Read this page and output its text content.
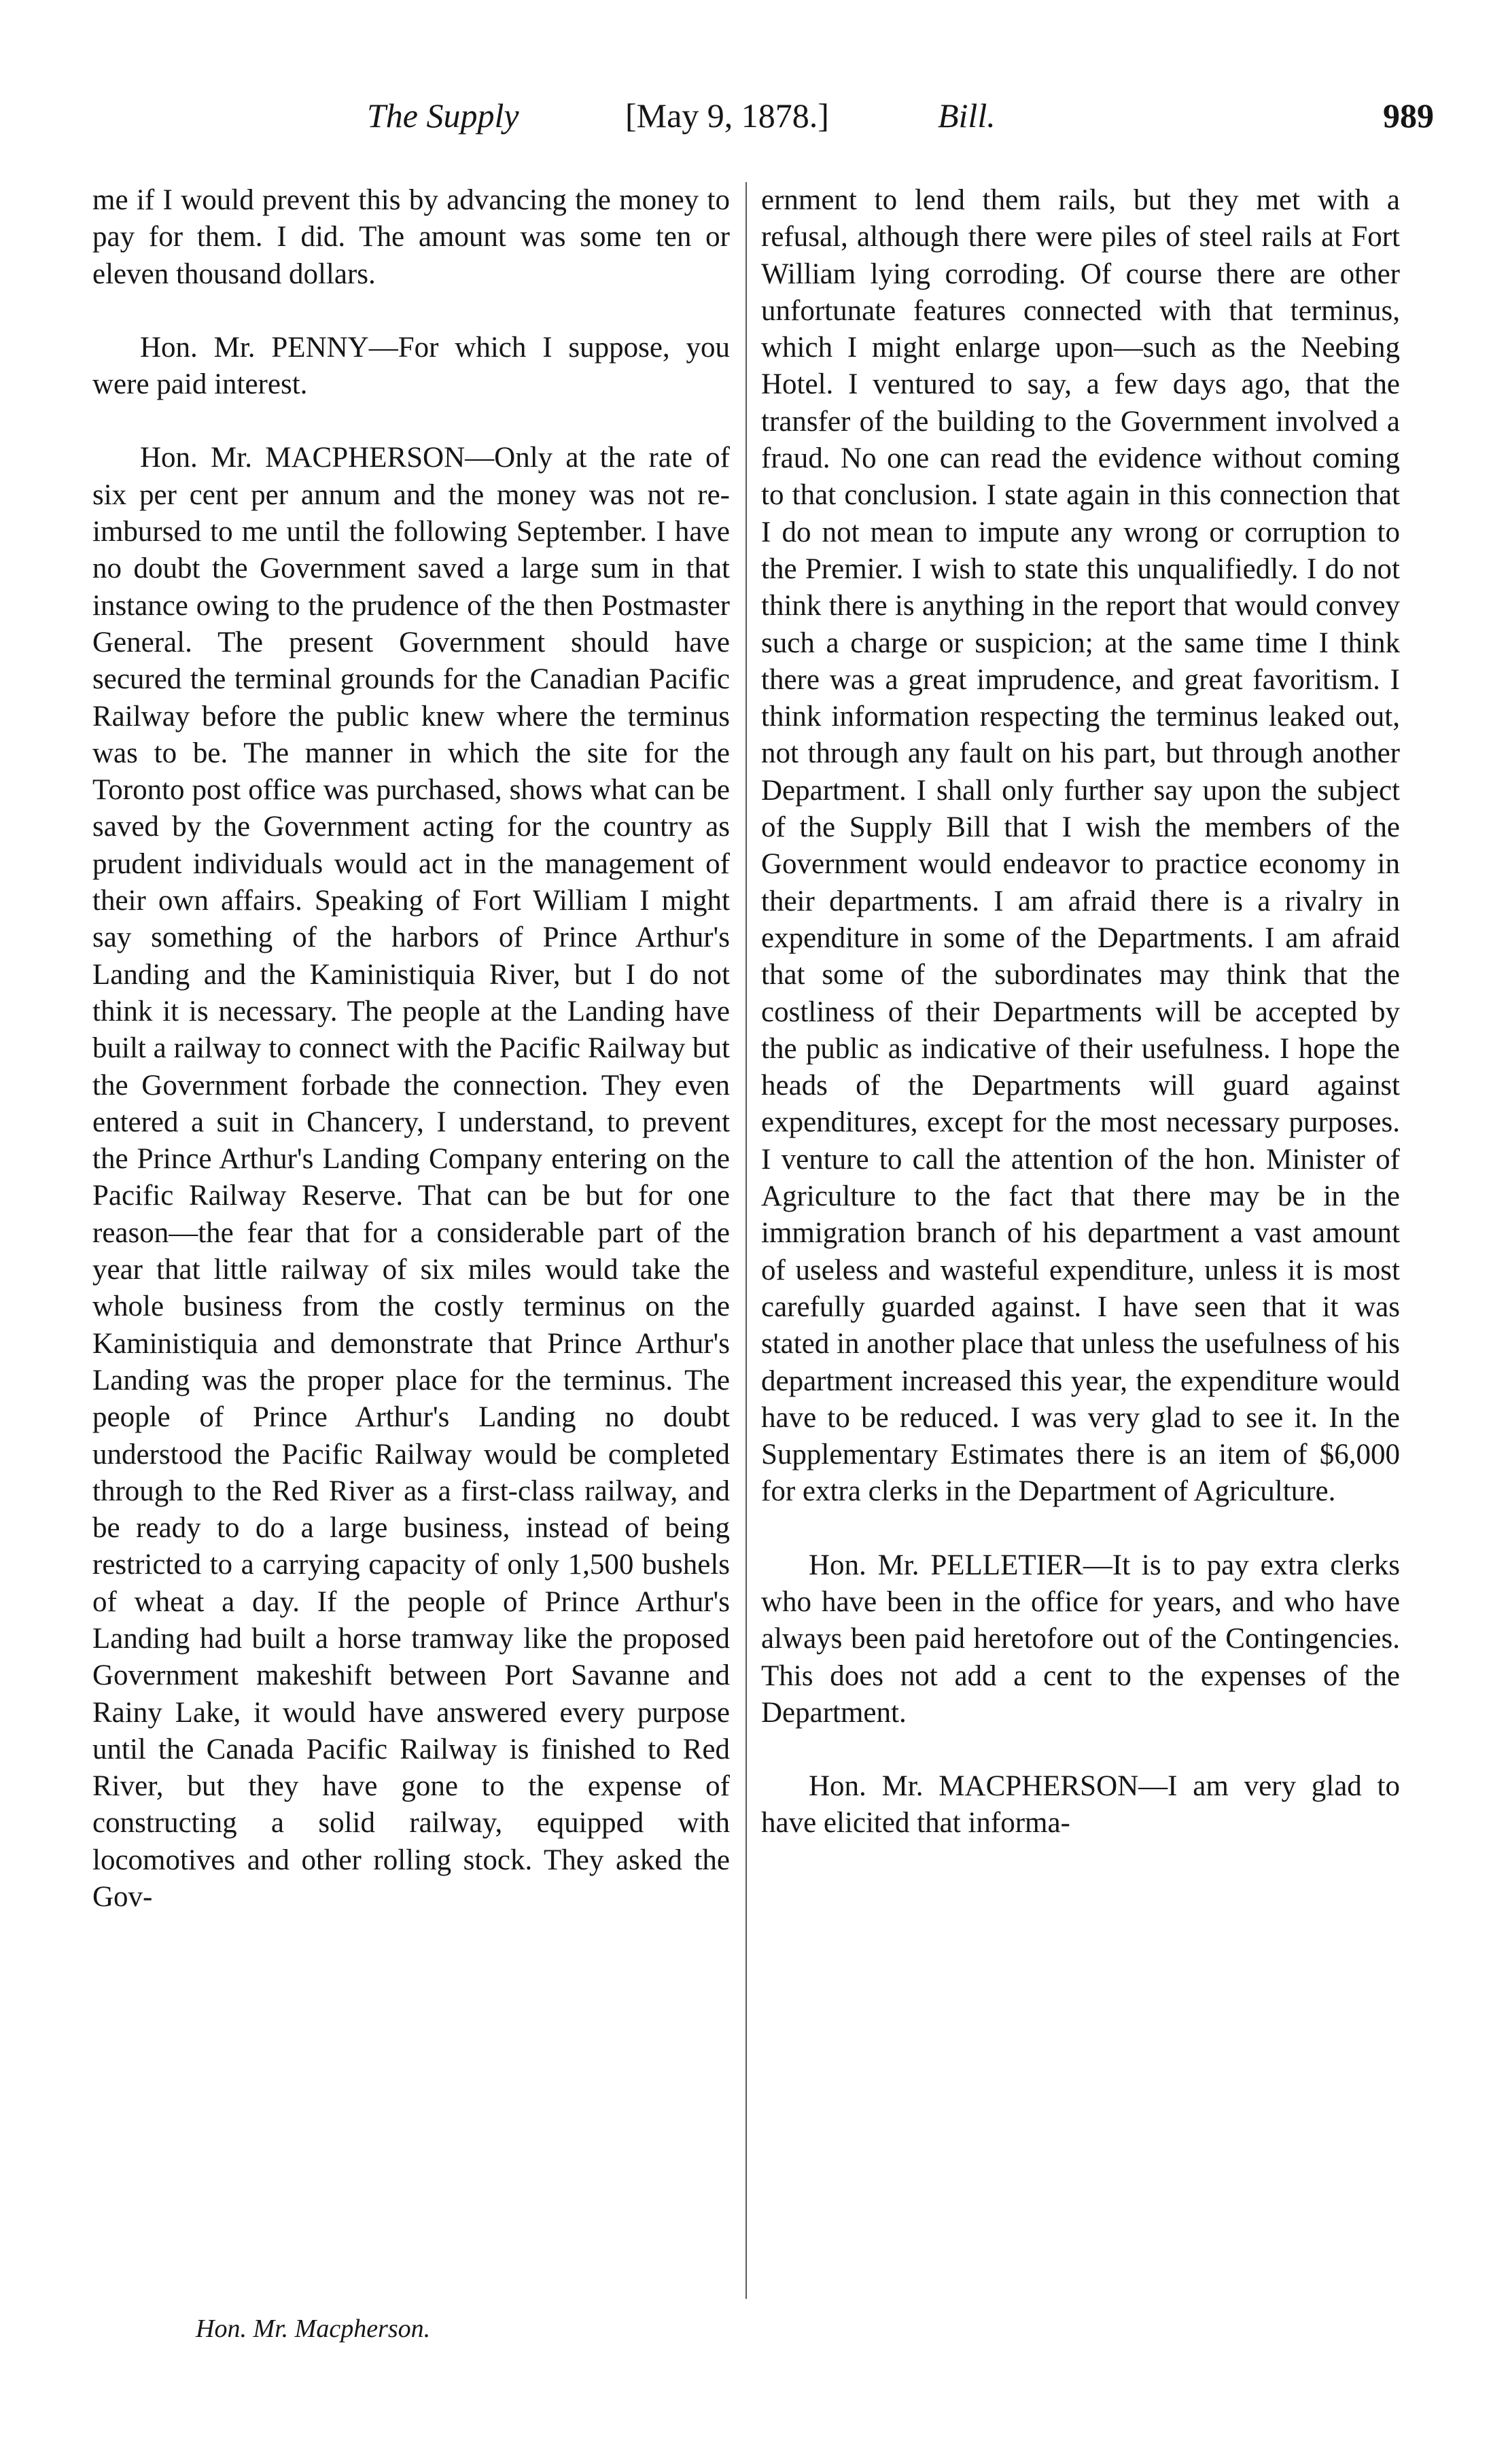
The Supply	[May 9, 1878.]	Bill.	989

me if I would prevent this by advancing the money to pay for them. I did. The amount was some ten or eleven thousand dollars.

Hon. Mr. PENNY—For which I suppose, you were paid interest.

Hon. Mr. MACPHERSON—Only at the rate of six per cent per annum and the money was not re-imbursed to me until the following September. I have no doubt the Government saved a large sum in that instance owing to the prudence of the then Postmaster General. The present Government should have secured the terminal grounds for the Canadian Pacific Railway before the public knew where the terminus was to be. The manner in which the site for the Toronto post office was purchased, shows what can be saved by the Government acting for the country as prudent individuals would act in the management of their own affairs. Speaking of Fort William I might say something of the harbors of Prince Arthur's Landing and the Kaministiquia River, but I do not think it is necessary. The people at the Landing have built a railway to connect with the Pacific Railway but the Government forbade the connection. They even entered a suit in Chancery, I understand, to prevent the Prince Arthur's Landing Company entering on the Pacific Railway Reserve. That can be but for one reason—the fear that for a considerable part of the year that little railway of six miles would take the whole business from the costly terminus on the Kaministiquia and demonstrate that Prince Arthur's Landing was the proper place for the terminus. The people of Prince Arthur's Landing no doubt understood the Pacific Railway would be completed through to the Red River as a first-class railway, and be ready to do a large business, instead of being restricted to a carrying capacity of only 1,500 bushels of wheat a day. If the people of Prince Arthur's Landing had built a horse tramway like the proposed Government makeshift between Port Savanne and Rainy Lake, it would have answered every purpose until the Canada Pacific Railway is finished to Red River, but they have gone to the expense of constructing a solid railway, equipped with locomotives and other rolling stock. They asked the Gov-

ernment to lend them rails, but they met with a refusal, although there were piles of steel rails at Fort William lying corroding. Of course there are other unfortunate features connected with that terminus, which I might enlarge upon—such as the Neebing Hotel. I ventured to say, a few days ago, that the transfer of the building to the Government involved a fraud. No one can read the evidence without coming to that conclusion. I state again in this connection that I do not mean to impute any wrong or corruption to the Premier. I wish to state this unqualifiedly. I do not think there is anything in the report that would convey such a charge or suspicion; at the same time I think there was a great imprudence, and great favoritism. I think information respecting the terminus leaked out, not through any fault on his part, but through another Department. I shall only further say upon the subject of the Supply Bill that I wish the members of the Government would endeavor to practice economy in their departments. I am afraid there is a rivalry in expenditure in some of the Departments. I am afraid that some of the subordinates may think that the costliness of their Departments will be accepted by the public as indicative of their usefulness. I hope the heads of the Departments will guard against expenditures, except for the most necessary purposes. I venture to call the attention of the hon. Minister of Agriculture to the fact that there may be in the immigration branch of his department a vast amount of useless and wasteful expenditure, unless it is most carefully guarded against. I have seen that it was stated in another place that unless the usefulness of his department increased this year, the expenditure would have to be reduced. I was very glad to see it. In the Supplementary Estimates there is an item of $6,000 for extra clerks in the Department of Agriculture.

Hon. Mr. PELLETIER—It is to pay extra clerks who have been in the office for years, and who have always been paid heretofore out of the Contingencies. This does not add a cent to the expenses of the Department.

Hon. Mr. MACPHERSON—I am very glad to have elicited that informa-

Hon. Mr. Macpherson.
